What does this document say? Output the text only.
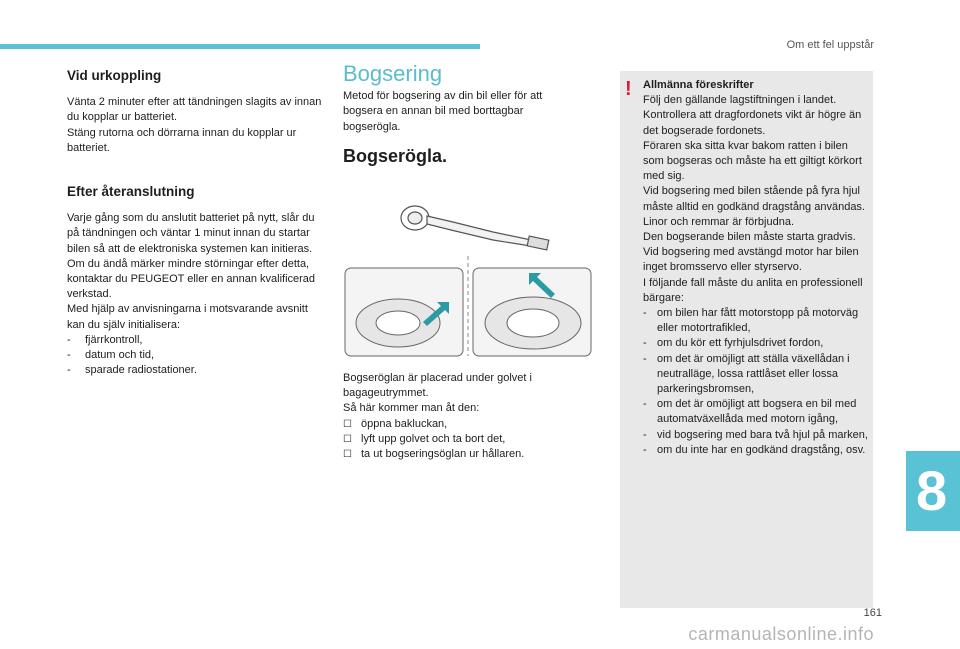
Om ett fel uppstår
Vid urkoppling

Vänta 2 minuter efter att tändningen slagits av innan du kopplar ur batteriet.

Stäng rutorna och dörrarna innan du kopplar ur batteriet.

Efter återanslutning

Varje gång som du anslutit batteriet på nytt, slår du på tändningen och väntar 1 minut innan du startar bilen så att de elektroniska systemen kan initieras. Om du ändå märker mindre störningar efter detta, kontaktar du PEUGEOT eller en annan kvalificerad verkstad.

Med hjälp av anvisningarna i motsvarande avsnitt kan du själv initialisera:

-	fjärrkontroll,
-	datum och tid,
-	sparade radiostationer.
Bogsering

Metod för bogsering av din bil eller för att bogsera en annan bil med borttagbar bogseröglа.

Bogserögla.

Bogseröglan är placerad under golvet i bagageutrymmet.

Så här kommer man åt den:

☐ öppna bakluckan,
☐ lyft upp golvet och ta bort det,
☐ ta ut bogseringsöglan ur hållaren.
! Allmänna föreskrifter

Följ den gällande lagstiftningen i landet.

Kontrollera att dragfordonets vikt är högre än det bogserade fordonets.

Föraren ska sitta kvar bakom ratten i bilen som bogseras och måste ha ett giltigt körkort med sig.

Vid bogsering med bilen stående på fyra hjul måste alltid en godkänd dragstång användas. Linor och remmar är förbjudna.

Den bogserande bilen måste starta gradvis.

Vid bogsering med avstängd motor har bilen inget bromsservo eller styrservo.

I följande fall måste du anlita en professionell bärgare:

- om bilen har fått motorstopp på motorväg eller motortrafikled,
- om du kör ett fyrhjulsdrivet fordon,
- om det är omöjligt att ställa växellådan i neutralläge, lossa rattlåset eller lossa parkeringsbromsen,
- om det är omöjligt att bogsera en bil med automatväxellåda med motorn igång,
- vid bogsering med bara två hjul på marken,
- om du inte har en godkänd dragstång, osv.
8
161
carmanualsonline.info
